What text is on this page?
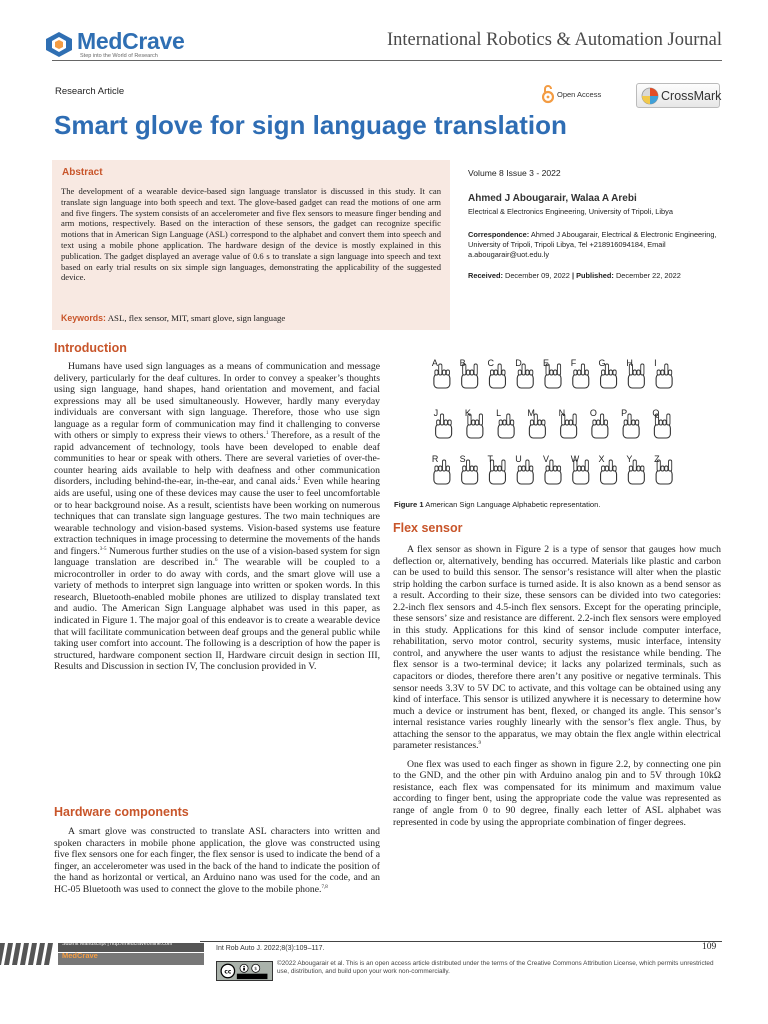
MedCrave
Step into the World of Research
International Robotics & Automation Journal
Research Article	Open Access	CrossMark
Smart glove for sign language translation
Abstract
The development of a wearable device-based sign language translator is discussed in this study. It can translate sign language into both speech and text. The glove-based gadget can read the motions of one arm and five fingers. The system consists of an accelerometer and five flex sensors to measure finger bending and arm motions, respectively. Based on the interaction of these sensors, the gadget can recognize specific motions that in American Sign Language (ASL) correspond to the alphabet and convert them into speech and text using a mobile phone application. The hardware design of the device is mostly explained in this publication. The gadget displayed an average value of 0.6 s to translate a sign language into speech and text based on early trial results on six simple sign languages, demonstrating the applicability of the suggested device.
Keywords: ASL, flex sensor, MIT, smart glove, sign language
Volume 8 Issue 3 - 2022
Ahmed J Abougarair, Walaa A Arebi
Electrical & Electronics Engineering, University of Tripoli, Libya
Correspondence: Ahmed J Abougarair, Electrical & Electronic Engineering, University of Tripoli, Tripoli Libya, Tel +218916094184, Email a.abougarair@uot.edu.ly
Received: December 09, 2022 | Published: December 22, 2022
Introduction

Humans have used sign languages as a means of communication and message delivery, particularly for the deaf cultures. In order to convey a speaker’s thoughts using sign language, hand shapes, hand orientation and movement, and facial expressions may all be used simultaneously. However, hardly many everyday individuals are conversant with sign language. Therefore, those who use sign language as a regular form of communication may find it challenging to converse with others or simply to express their views to others.$^1$ Therefore, as a result of the rapid advancement of technology, tools have been developed to enable deaf communities to hear or speak with others. There are several varieties of over-the-counter hearing aids available to help with deafness and other communication disorders, including behind-the-ear, in-the-ear, and canal aids.$^2$ Even while hearing aids are useful, using one of these devices may cause the user to feel uncomfortable or to hear background noise. As a result, scientists have been working on numerous techniques that can translate sign language gestures. The two main techniques are wearable technology and vision-based systems. Vision-based systems use feature extraction techniques in image processing to determine the movements of the hands and fingers.$^{3-5}$ Numerous further studies on the use of a vision-based system for sign language translation are described in.$^6$ The wearable will be coupled to a microcontroller in order to do away with cords, and the smart glove will use a variety of methods to interpret sign language into written or spoken words. In this research, Bluetooth-enabled mobile phones are utilized to display translated text and audio. The American Sign Language alphabet was used in this paper, as indicated in Figure 1. The major goal of this endeavor is to create a wearable device that will facilitate communication between deaf groups and the general public while taking user comfort into account. The following is a description of how the paper is structured, hardware component section II, Hardware circuit design in section III, Results and Discussion in section IV, The conclusion provided in V.

Hardware components

A smart glove was constructed to translate ASL characters into written and spoken characters in mobile phone application, the glove was constructed using five flex sensors one for each finger, the flex sensor is used to indicate the bend of a finger, an accelerometer was used in the back of the hand to indicate the position of the hand as horizontal or vertical, an Arduino nano was used for the code, and an HC-05 Bluetooth was used to connect the glove to the mobile phone.$^{7,8}$

A B C D E F G H I
J	K	L	M	N	O	P	Q
R S T U V W X Y Z
Figure 1 American Sign Language Alphabetic representation.
Flex sensor

A flex sensor as shown in Figure 2 is a type of sensor that gauges how much deflection or, alternatively, bending has occurred. Materials like plastic and carbon can be used to build this sensor. The sensor’s resistance will alter when the plastic strip holding the carbon surface is turned aside. It is also known as a bend sensor as a result. According to their size, these sensors can be divided into two categories: 2.2-inch flex sensors and 4.5-inch flex sensors. Except for the operating principle, these sensors’ size and resistance are different. 2.2-inch flex sensors were employed in this study. Applications for this kind of sensor include computer interface, rehabilitation, servo motor control, security systems, music interface, intensity control, and anywhere the user wants to adjust the resistance while bending. The flex sensor is a two-terminal device; it lacks any polarized terminals, such as capacitors or diodes, therefore there aren’t any positive or negative terminals. This sensor needs 3.3V to 5V DC to activate, and this voltage can be obtained using any kind of interface. This sensor is utilized anywhere it is necessary to determine how much a device or instrument has bent, flexed, or changed its angle. This sensor’s internal resistance varies roughly linearly with the sensor’s flex angle. Thus, by attaching the sensor to the apparatus, we may obtain the flex angle within electrical parameter resistances.$^9$

One flex was used to each finger as shown in figure 2.2, by connecting one pin to the GND, and the other pin with Arduino analog pin and to 5V through 10kΩ resistance, each flex was compensated for its minimum and maximum value according to finger bent, using the appropriate code the value was represented as range of angle from 0 to 90 degree, finally each letter of ASL alphabet was represented in code by using the appropriate combination of finger degrees.

Submit Manuscript | http://medcraveonline.com
MedCrave
Int Rob Auto J. 2022;8(3):109‒117.	109
cc	$
©2022 Abougarair et al. This is an open access article distributed under the terms of the Creative Commons Attribution License, which permits unrestricted use, distribution, and build upon your work non-commercially.
